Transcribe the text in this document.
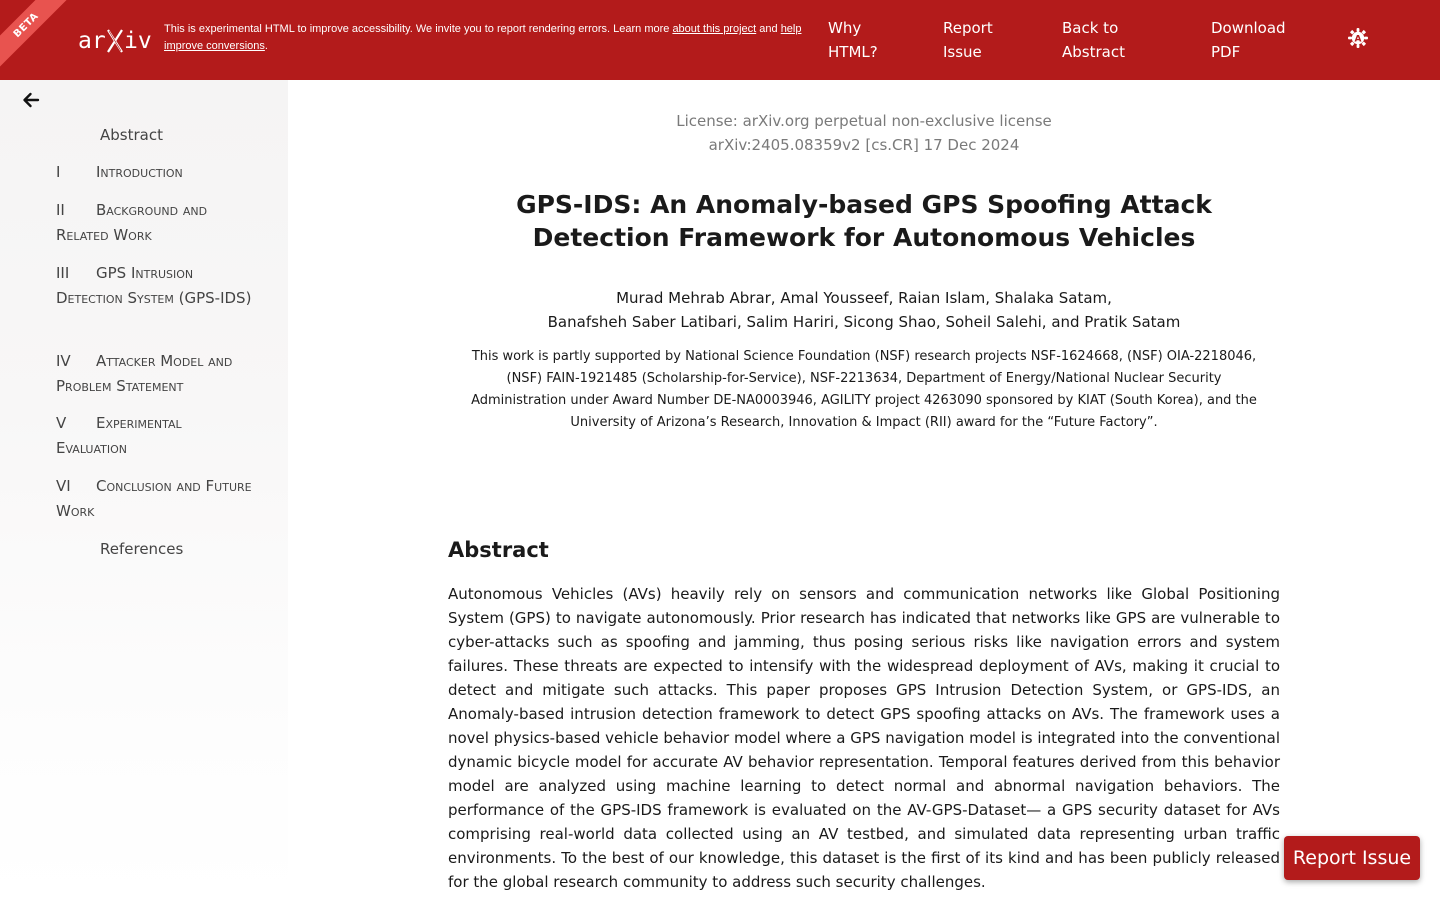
BETA
ar iv This is experimental HTML to improve accessibility. We invite you to report rendering errors. Learn more about this project and help improve conversions.
Why HTML?
Report Issue
Back to Abstract
Download PDF
A
Abstract
I Introduction
II Background and Related Work
III GPS Intrusion Detection System (GPS-IDS)
IV Attacker Model and Problem Statement
V Experimental Evaluation
VI Conclusion and Future Work
References
License: arXiv.org perpetual non-exclusive license
arXiv:2405.08359v2 [cs.CR] 17 Dec 2024
GPS-IDS: An Anomaly-based GPS Spoofing Attack Detection Framework for Autonomous Vehicles
Murad Mehrab Abrar, Amal Yousseef, Raian Islam, Shalaka Satam,
Banafsheh Saber Latibari, Salim Hariri, Sicong Shao, Soheil Salehi, and Pratik Satam
This work is partly supported by National Science Foundation (NSF) research projects NSF-1624668, (NSF) OIA-2218046, (NSF) FAIN-1921485 (Scholarship-for-Service), NSF-2213634, Department of Energy/National Nuclear Security Administration under Award Number DE-NA0003946, AGILITY project 4263090 sponsored by KIAT (South Korea), and the University of Arizona’s Research, Innovation & Impact (RII) award for the “Future Factory”.
Abstract

Autonomous Vehicles (AVs) heavily rely on sensors and communication networks like Global Positioning System (GPS) to navigate autonomously. Prior research has indicated that networks like GPS are vulnerable to cyber-attacks such as spoofing and jamming, thus posing serious risks like navigation errors and system failures. These threats are expected to intensify with the widespread deployment of AVs, making it crucial to detect and mitigate such attacks. This paper proposes GPS Intrusion Detection System, or GPS-IDS, an Anomaly-based intrusion detection framework to detect GPS spoofing attacks on AVs. The framework uses a novel physics-based vehicle behavior model where a GPS navigation model is integrated into the conventional dynamic bicycle model for accurate AV behavior representation. Temporal features derived from this behavior model are analyzed using machine learning to detect normal and abnormal navigation behaviors. The performance of the GPS-IDS framework is evaluated on the AV-GPS-Dataset— a GPS security dataset for AVs comprising real-world data collected using an AV testbed, and simulated data representing urban traffic environments. To the best of our knowledge, this dataset is the first of its kind and has been publicly released for the global research community to address such security challenges.

Report Issue
